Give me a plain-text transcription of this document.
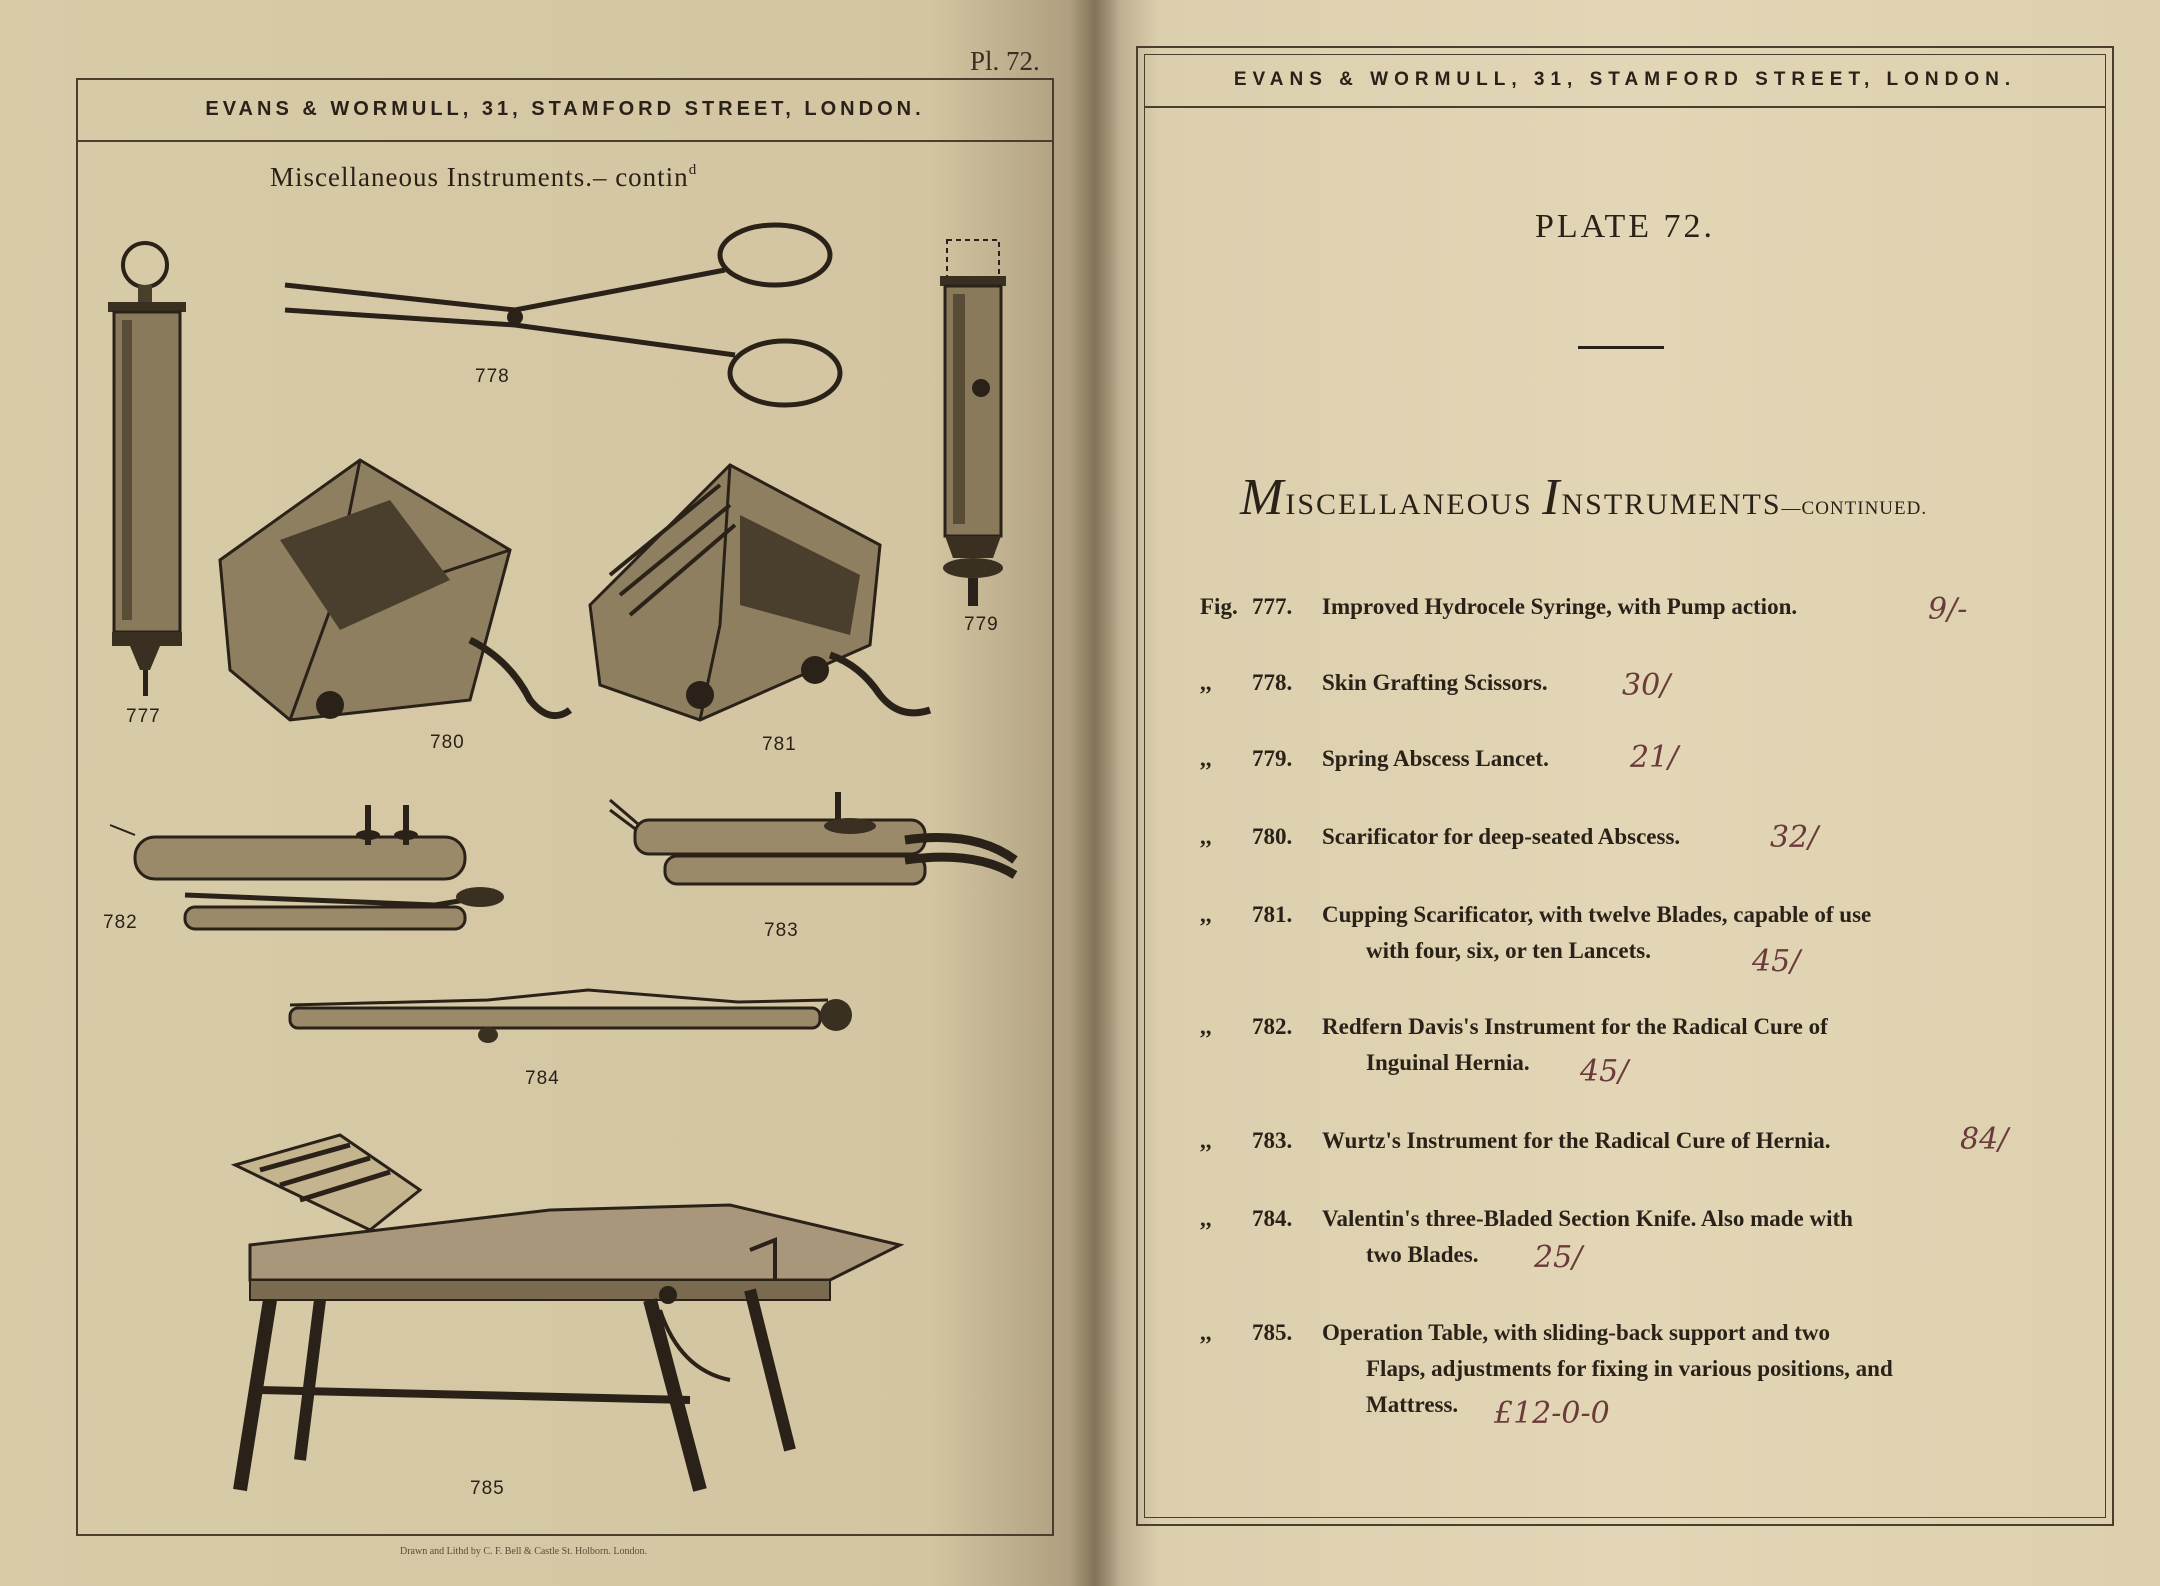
Pl. 72.
EVANS & WORMULL, 31, STAMFORD STREET, LONDON.
Miscellaneous Instruments.– contin$^d$
777
778
779
780	781
782	783
784
785
Drawn and Lithd by C. F. Bell & Castle St. Holborn. London.
EVANS & WORMULL, 31, STAMFORD STREET, LONDON.
PLATE 72.
MISCELLANEOUS INSTRUMENTS—CONTINUED.
Fig. 777. Improved Hydrocele Syringe, with Pump action.	9/-
,, 778. Skin Grafting Scissors. 30/
,, 779. Spring Abscess Lancet.	21/
,, 780. Scarificator for deep-seated Abscess.	32/
,, 781. Cupping Scarificator, with twelve Blades, capable of use
with four, six, or ten Lancets.	45/
,, 782. Redfern Davis's Instrument for the Radical Cure of
Inguinal Hernia. 45/
,, 783. Wurtz's Instrument for the Radical Cure of Hernia.	84/
,, 784. Valentin's three-Bladed Section Knife. Also made with
two Blades. 25/
,, 785. Operation Table, with sliding-back support and two
Flaps, adjustments for fixing in various positions, and
Mattress. £12-0-0
